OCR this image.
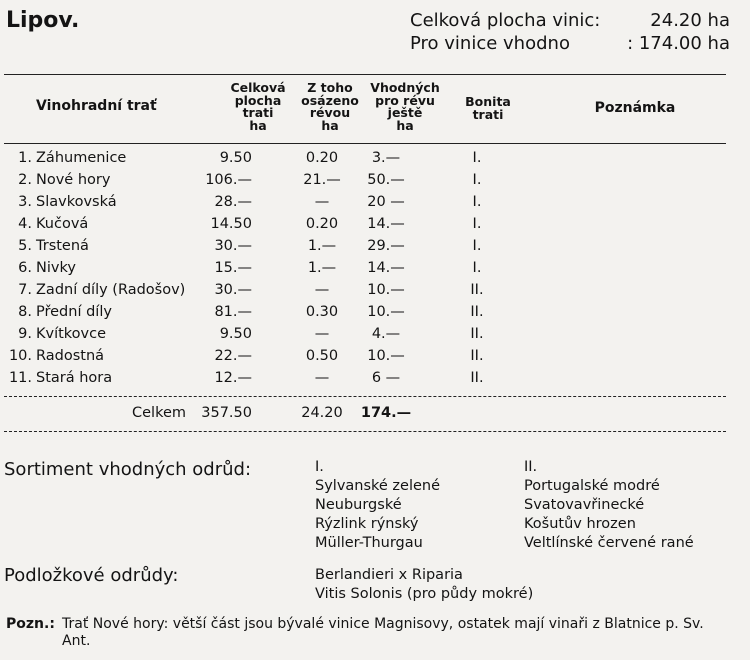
Lipov.	Celková plocha vinic:	24.20 ha
Pro vinice vhodno	: 174.00 ha
Vinohradní trať
Celková
plocha
trati
ha
Z toho
osázeno
révou
ha
Vhodných
pro révu
ještě
ha
Bonita
trati	Poznámka
1. Záhumenice	9.50	0.20	3.—	I.
2. Nové hory	106.—	21.—	50.—	I.
3. Slavkovská	28.—	—	20 —	I.
4. Kučová	14.50	0.20	14.—	I.
5. Trstená	30.—	1.—	29.—	I.
6. Nivky	15.—	1.—	14.—	I.
7. Zadní díly (Radošov)	30.—	—	10.—	II.
8. Přední díly	81.—	0.30	10.—	II.
9. Kvítkovce	9.50	—	4.—	II.
10. Radostná	22.—	0.50	10.—	II.
11. Stará hora	12.—	—	6 —	II.
Celkem	357.50	24.20	174.—
Sortiment vhodných odrůd:	I.
Sylvanské zelené
Neuburgské
Rýzlink rýnský
Müller-Thurgau
II.
Portugalské modré
Svatovavřinecké
Košutův hrozen
Veltlínské červené rané
Podložkové odrůdy:	Berlandieri x Riparia
Vitis Solonis (pro půdy mokré)
Pozn.: Trať Nové hory: větší část jsou bývalé vinice Magnisovy, ostatek mají vinaři z Blatnice p. Sv. Ant.
